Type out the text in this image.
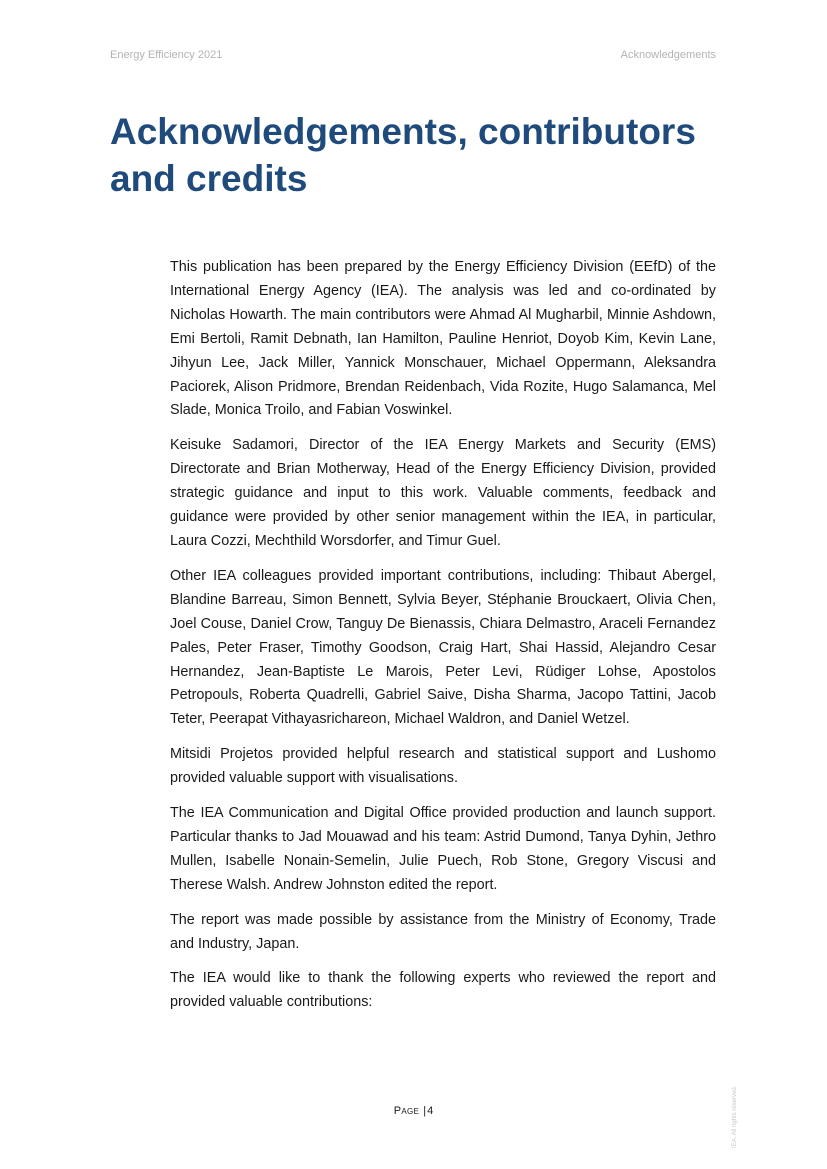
Energy Efficiency 2021	Acknowledgements
Acknowledgements, contributors and credits

This publication has been prepared by the Energy Efficiency Division (EEfD) of the International Energy Agency (IEA). The analysis was led and co-ordinated by Nicholas Howarth. The main contributors were Ahmad Al Mugharbil, Minnie Ashdown, Emi Bertoli, Ramit Debnath, Ian Hamilton, Pauline Henriot, Doyob Kim, Kevin Lane, Jihyun Lee, Jack Miller, Yannick Monschauer, Michael Oppermann, Aleksandra Paciorek, Alison Pridmore, Brendan Reidenbach, Vida Rozite, Hugo Salamanca, Mel Slade, Monica Troilo, and Fabian Voswinkel.

Keisuke Sadamori, Director of the IEA Energy Markets and Security (EMS) Directorate and Brian Motherway, Head of the Energy Efficiency Division, provided strategic guidance and input to this work. Valuable comments, feedback and guidance were provided by other senior management within the IEA, in particular, Laura Cozzi, Mechthild Worsdorfer, and Timur Guel.

Other IEA colleagues provided important contributions, including: Thibaut Abergel, Blandine Barreau, Simon Bennett, Sylvia Beyer, Stéphanie Brouckaert, Olivia Chen, Joel Couse, Daniel Crow, Tanguy De Bienassis, Chiara Delmastro, Araceli Fernandez Pales, Peter Fraser, Timothy Goodson, Craig Hart, Shai Hassid, Alejandro Cesar Hernandez, Jean-Baptiste Le Marois, Peter Levi, Rüdiger Lohse, Apostolos Petropouls, Roberta Quadrelli, Gabriel Saive, Disha Sharma, Jacopo Tattini, Jacob Teter, Peerapat Vithayasrichareon, Michael Waldron, and Daniel Wetzel.

Mitsidi Projetos provided helpful research and statistical support and Lushomo provided valuable support with visualisations.

The IEA Communication and Digital Office provided production and launch support. Particular thanks to Jad Mouawad and his team: Astrid Dumond, Tanya Dyhin, Jethro Mullen, Isabelle Nonain-Semelin, Julie Puech, Rob Stone, Gregory Viscusi and Therese Walsh. Andrew Johnston edited the report.

The report was made possible by assistance from the Ministry of Economy, Trade and Industry, Japan.

The IEA would like to thank the following experts who reviewed the report and provided valuable contributions:

Page |4	IEA. All rights reserved.
